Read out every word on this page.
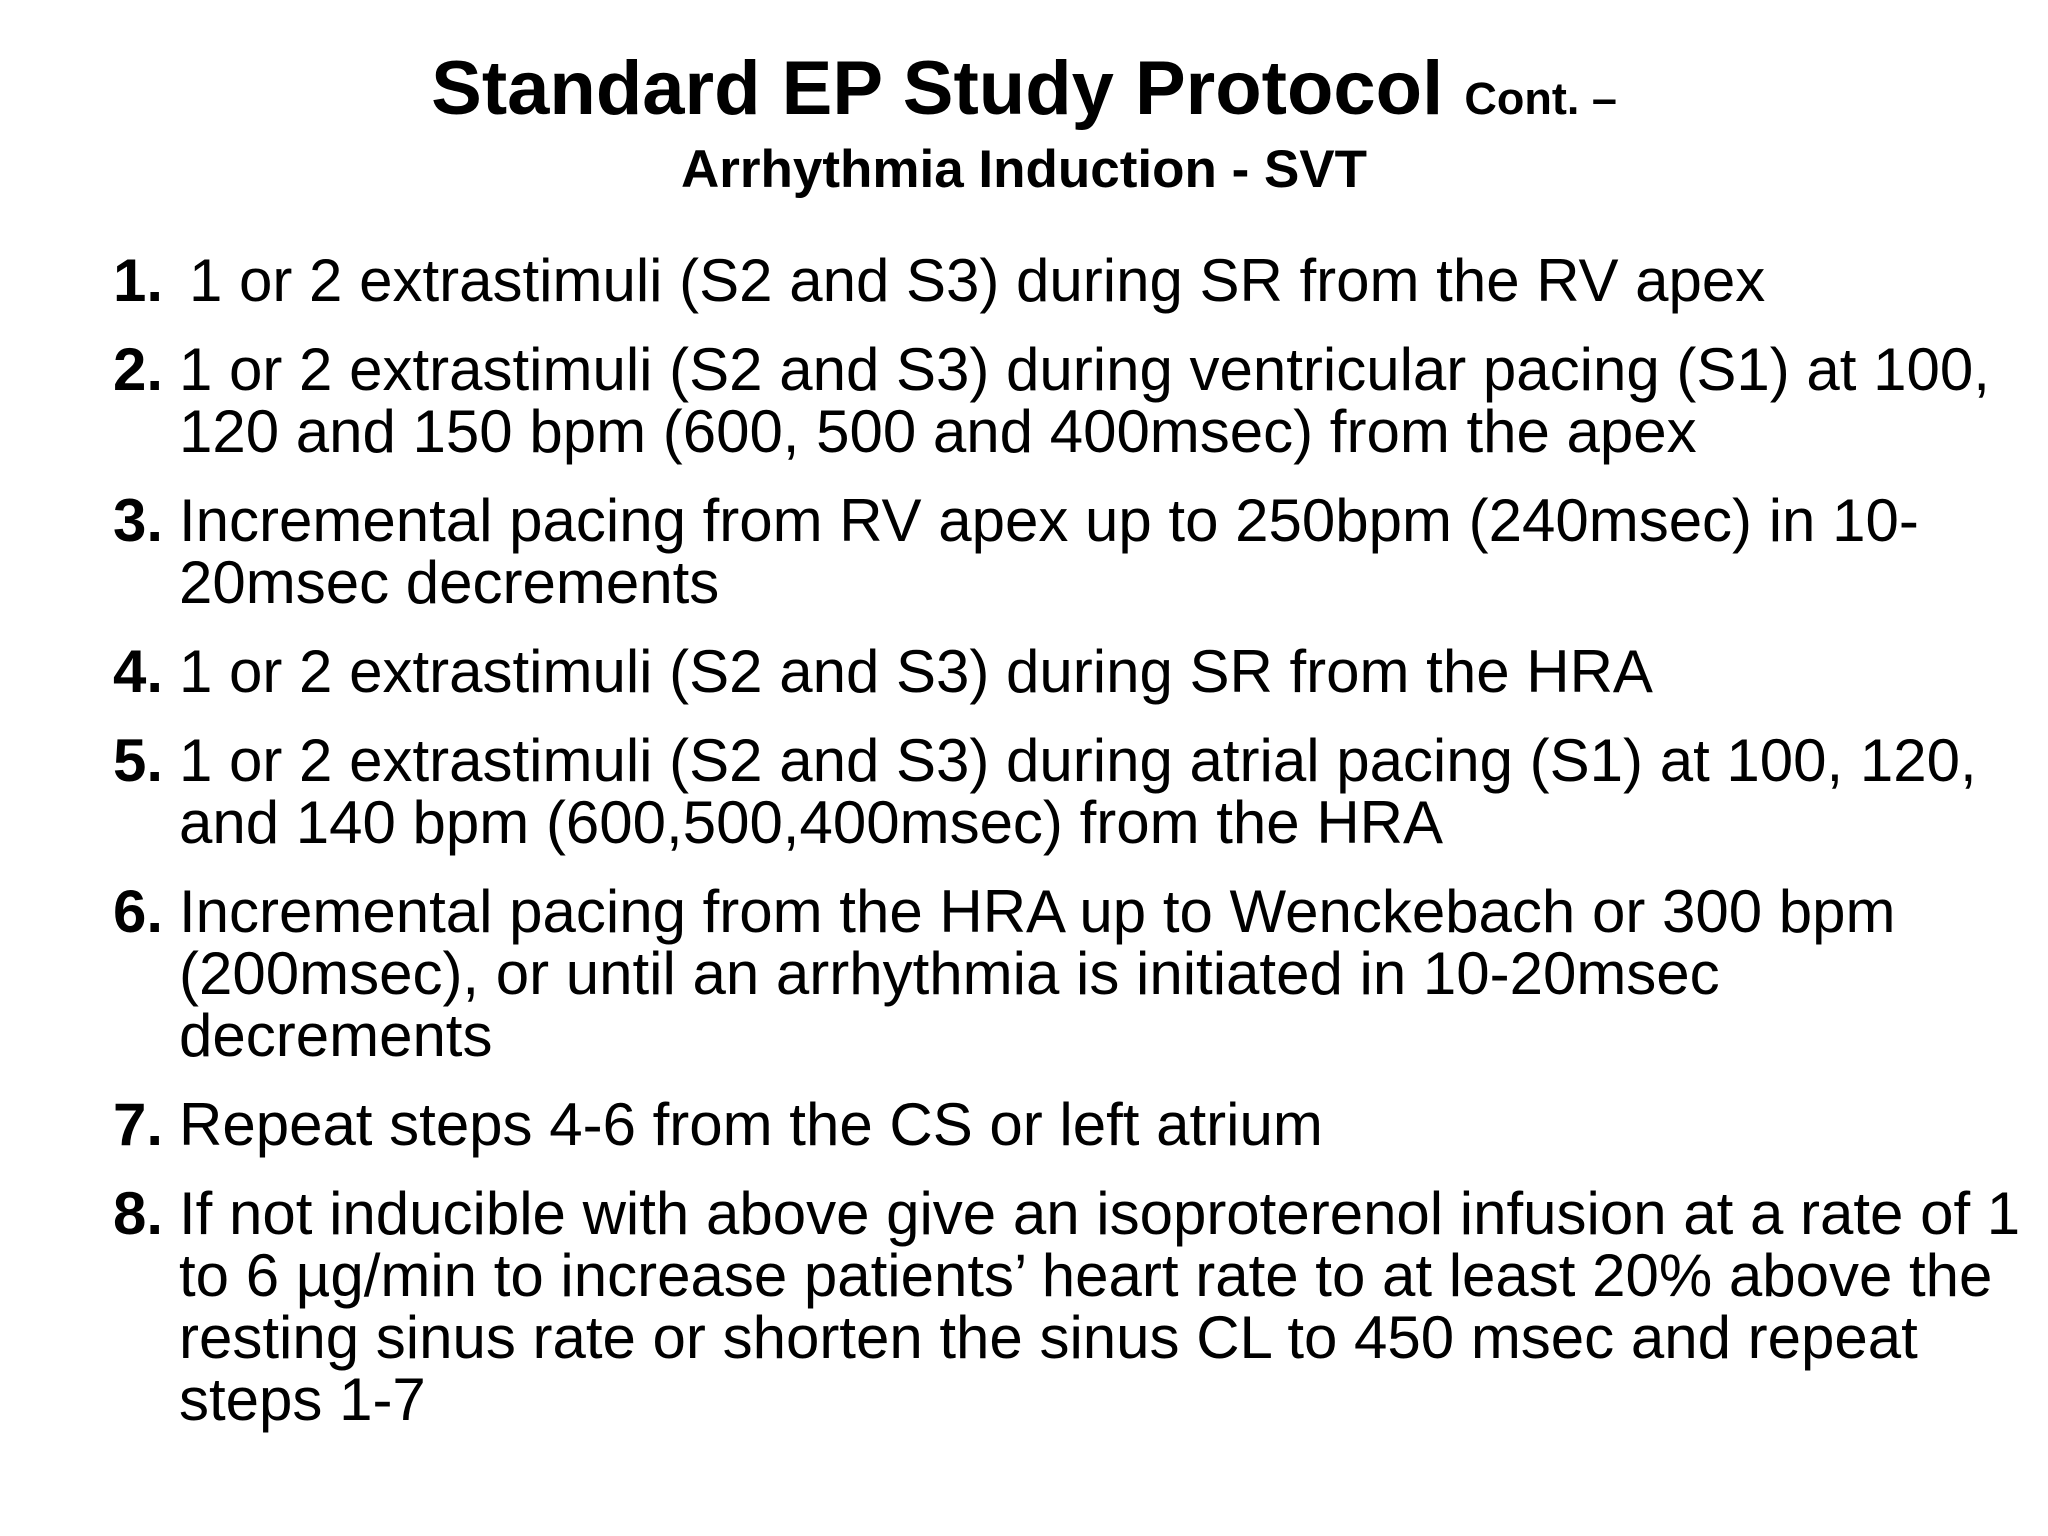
Standard EP Study Protocol Cont. –
Arrhythmia Induction - SVT
1. 1 or 2 extrastimuli (S2 and S3) during SR from the RV apex
2. 1 or 2 extrastimuli (S2 and S3) during ventricular pacing (S1) at 100, 120 and 150 bpm (600, 500 and 400msec) from the apex
3. Incremental pacing from RV apex up to 250bpm (240msec) in 10-20msec decrements
4. 1 or 2 extrastimuli (S2 and S3) during SR from the HRA
5. 1 or 2 extrastimuli (S2 and S3) during atrial pacing (S1) at 100, 120, and 140 bpm (600,500,400msec) from the HRA
6. Incremental pacing from the HRA up to Wenckebach or 300 bpm (200msec), or until an arrhythmia is initiated in 10-20msec decrements
7. Repeat steps 4-6 from the CS or left atrium
8. If not inducible with above give an isoproterenol infusion at a rate of 1 to 6 µg/min to increase patients’ heart rate to at least 20% above the resting sinus rate or shorten the sinus CL to 450 msec and repeat steps 1-7
